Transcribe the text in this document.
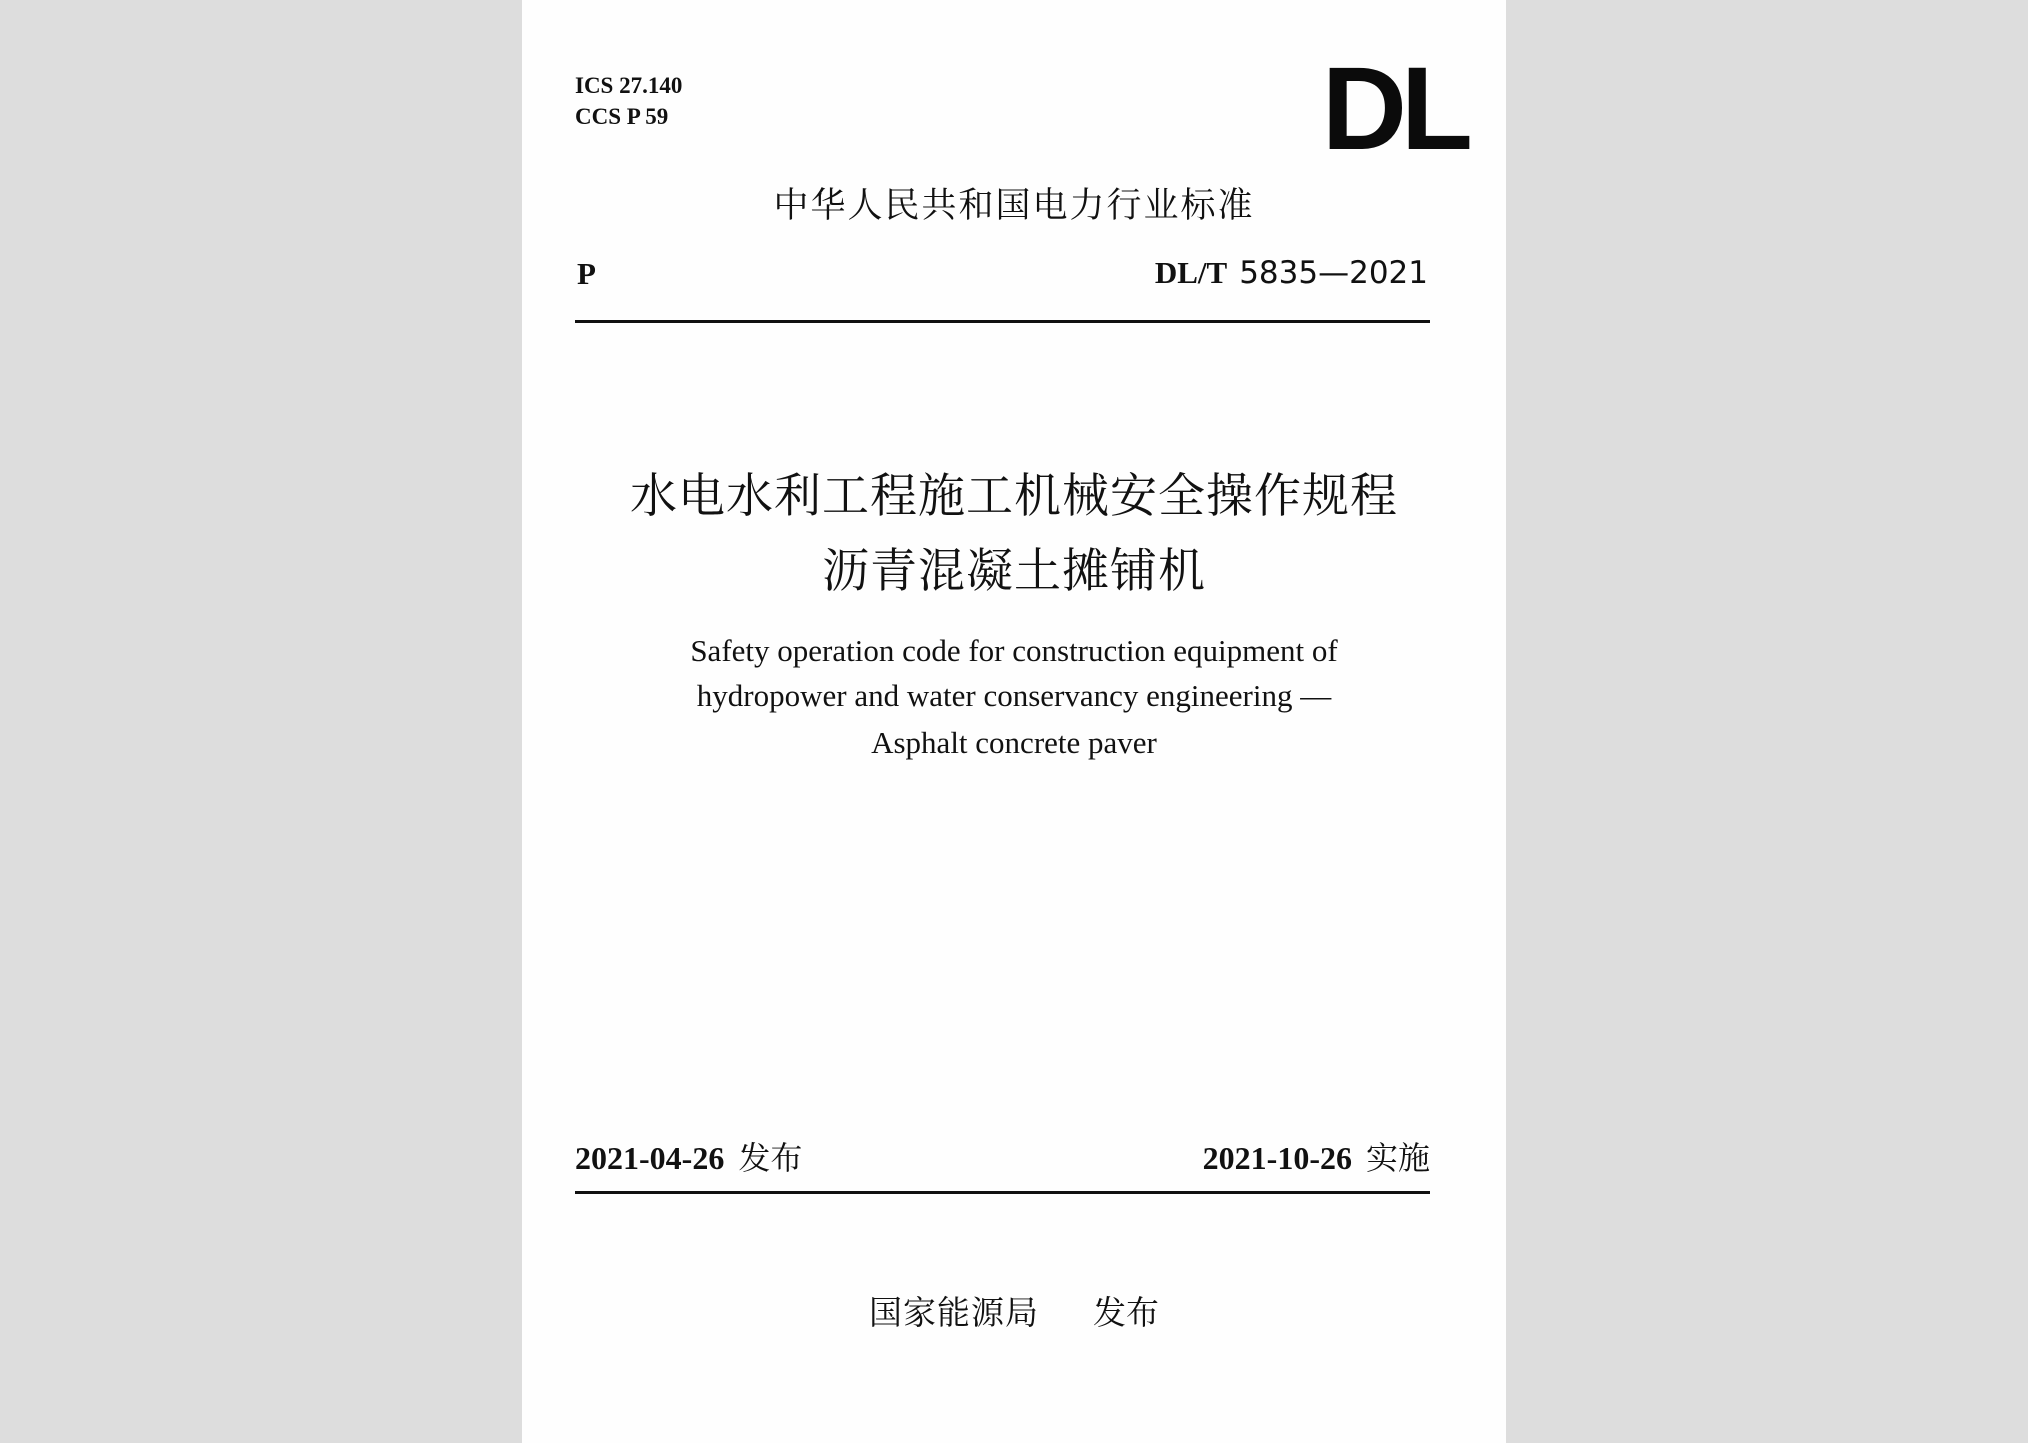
ICS 27.140
CCS P 59	DL
中华人民共和国电力行业标准
P	DL/T 5835—2021
水电水利工程施工机械安全操作规程
沥青混凝土摊铺机
Safety operation code for construction equipment of
hydropower and water conservancy engineering —
Asphalt concrete paver
2021-04-26 发布	2021-10-26 实施
国家能源局 发布
